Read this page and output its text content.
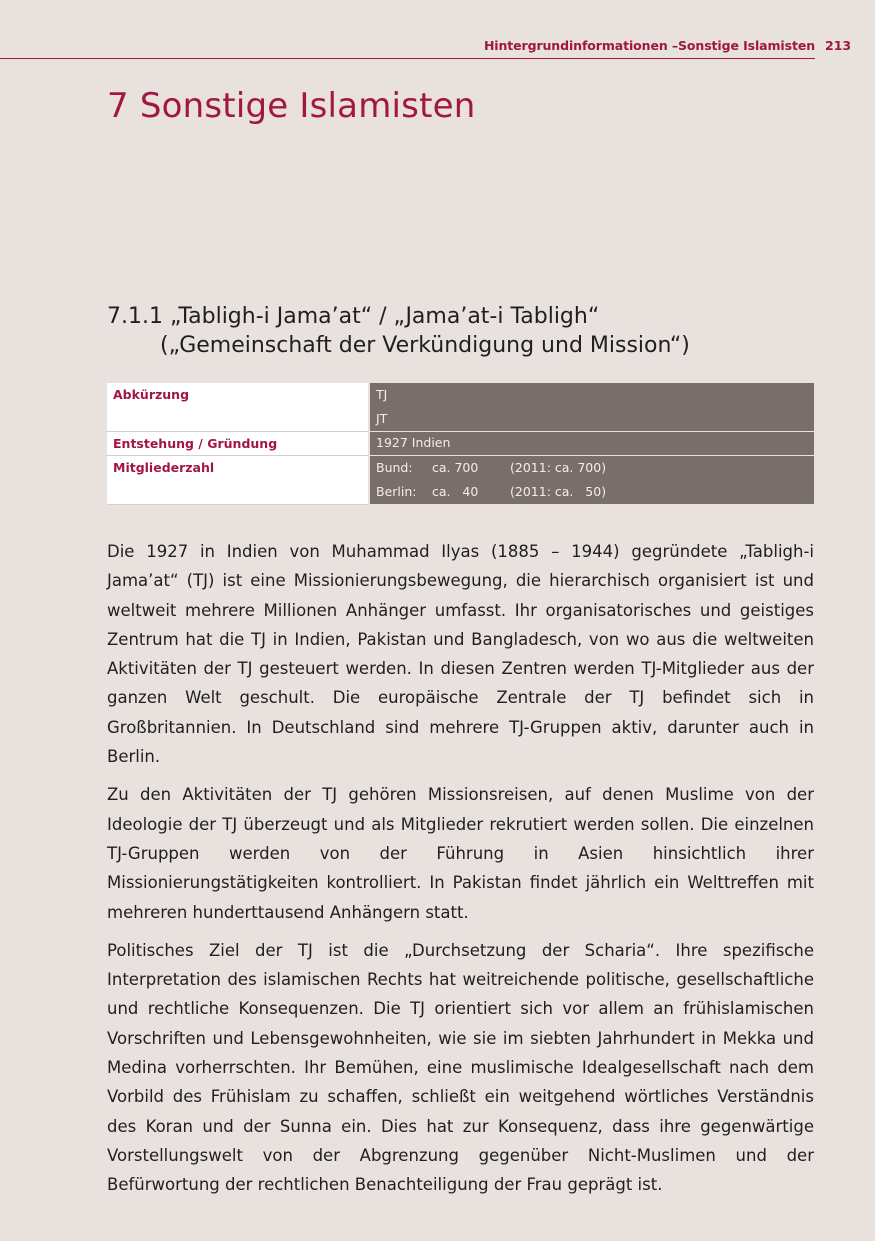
Hintergrundinformationen –Sonstige Islamisten 213
7 Sonstige Islamisten
7.1.1 „Tabligh-i Jama’at“ / „Jama’at-i Tabligh“
(„Gemeinschaft der Verkündigung und Mission“)
Abkürzung	TJ
JT

Entstehung / Gründung	1927 Indien

Mitgliederzahl	Bund: ca. 700 (2011: ca. 700)
Berlin: ca.   40 (2011: ca.   50)

Die 1927 in Indien von Muhammad Ilyas (1885 – 1944) gegründete „Tabligh-i Jama’at“ (TJ) ist eine Missionierungsbewegung, die hierarchisch organisiert ist und weltweit mehrere Millionen Anhänger umfasst. Ihr organisatorisches und geistiges Zentrum hat die TJ in Indien, Pakistan und Bangladesch, von wo aus die weltweiten Aktivitäten der TJ gesteuert werden. In diesen Zentren werden TJ-Mitglieder aus der ganzen Welt geschult. Die europäische Zentrale der TJ befindet sich in Großbritannien. In Deutschland sind mehrere TJ-Gruppen aktiv, darunter auch in Berlin.

Zu den Aktivitäten der TJ gehören Missionsreisen, auf denen Muslime von der Ideologie der TJ überzeugt und als Mitglieder rekrutiert werden sollen. Die einzelnen TJ-Gruppen werden von der Führung in Asien hinsichtlich ihrer Missionierungstätigkeiten kontrolliert. In Pakistan findet jährlich ein Welttreffen mit mehreren hunderttausend Anhängern statt.

Politisches Ziel der TJ ist die „Durchsetzung der Scharia“. Ihre spezifische Interpretation des islamischen Rechts hat weitreichende politische, gesellschaftliche und rechtliche Konsequenzen. Die TJ orientiert sich vor allem an frühislamischen Vorschriften und Lebensgewohnheiten, wie sie im siebten Jahrhundert in Mekka und Medina vorherrschten. Ihr Bemühen, eine muslimische Idealgesellschaft nach dem Vorbild des Frühislam zu schaffen, schließt ein weitgehend wörtliches Verständnis des Koran und der Sunna ein. Dies hat zur Konsequenz, dass ihre gegenwärtige Vorstellungswelt von der Abgrenzung gegenüber Nicht-Muslimen und der Befürwortung der rechtlichen Benachteiligung der Frau geprägt ist.
